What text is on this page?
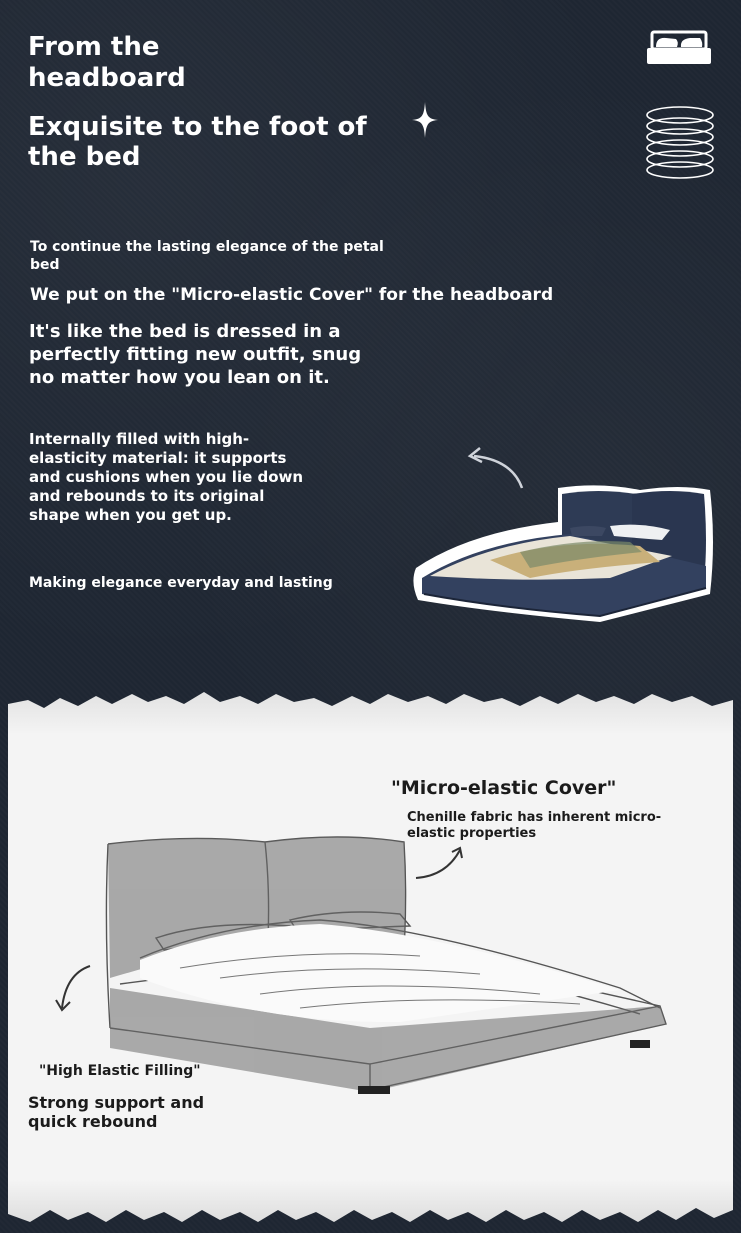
From the headboard
Exquisite to the foot of the bed

To continue the lasting elegance of the petal bed

We put on the "Micro-elastic Cover" for the headboard

It's like the bed is dressed in a perfectly fitting new outfit, snug no matter how you lean on it.

Internally filled with high-elasticity material: it supports and cushions when you lie down and rebounds to its original shape when you get up.

Making elegance everyday and lasting

"Micro-elastic Cover"

Chenille fabric has inherent micro-elastic properties

"High Elastic Filling"

Strong support and quick rebound
